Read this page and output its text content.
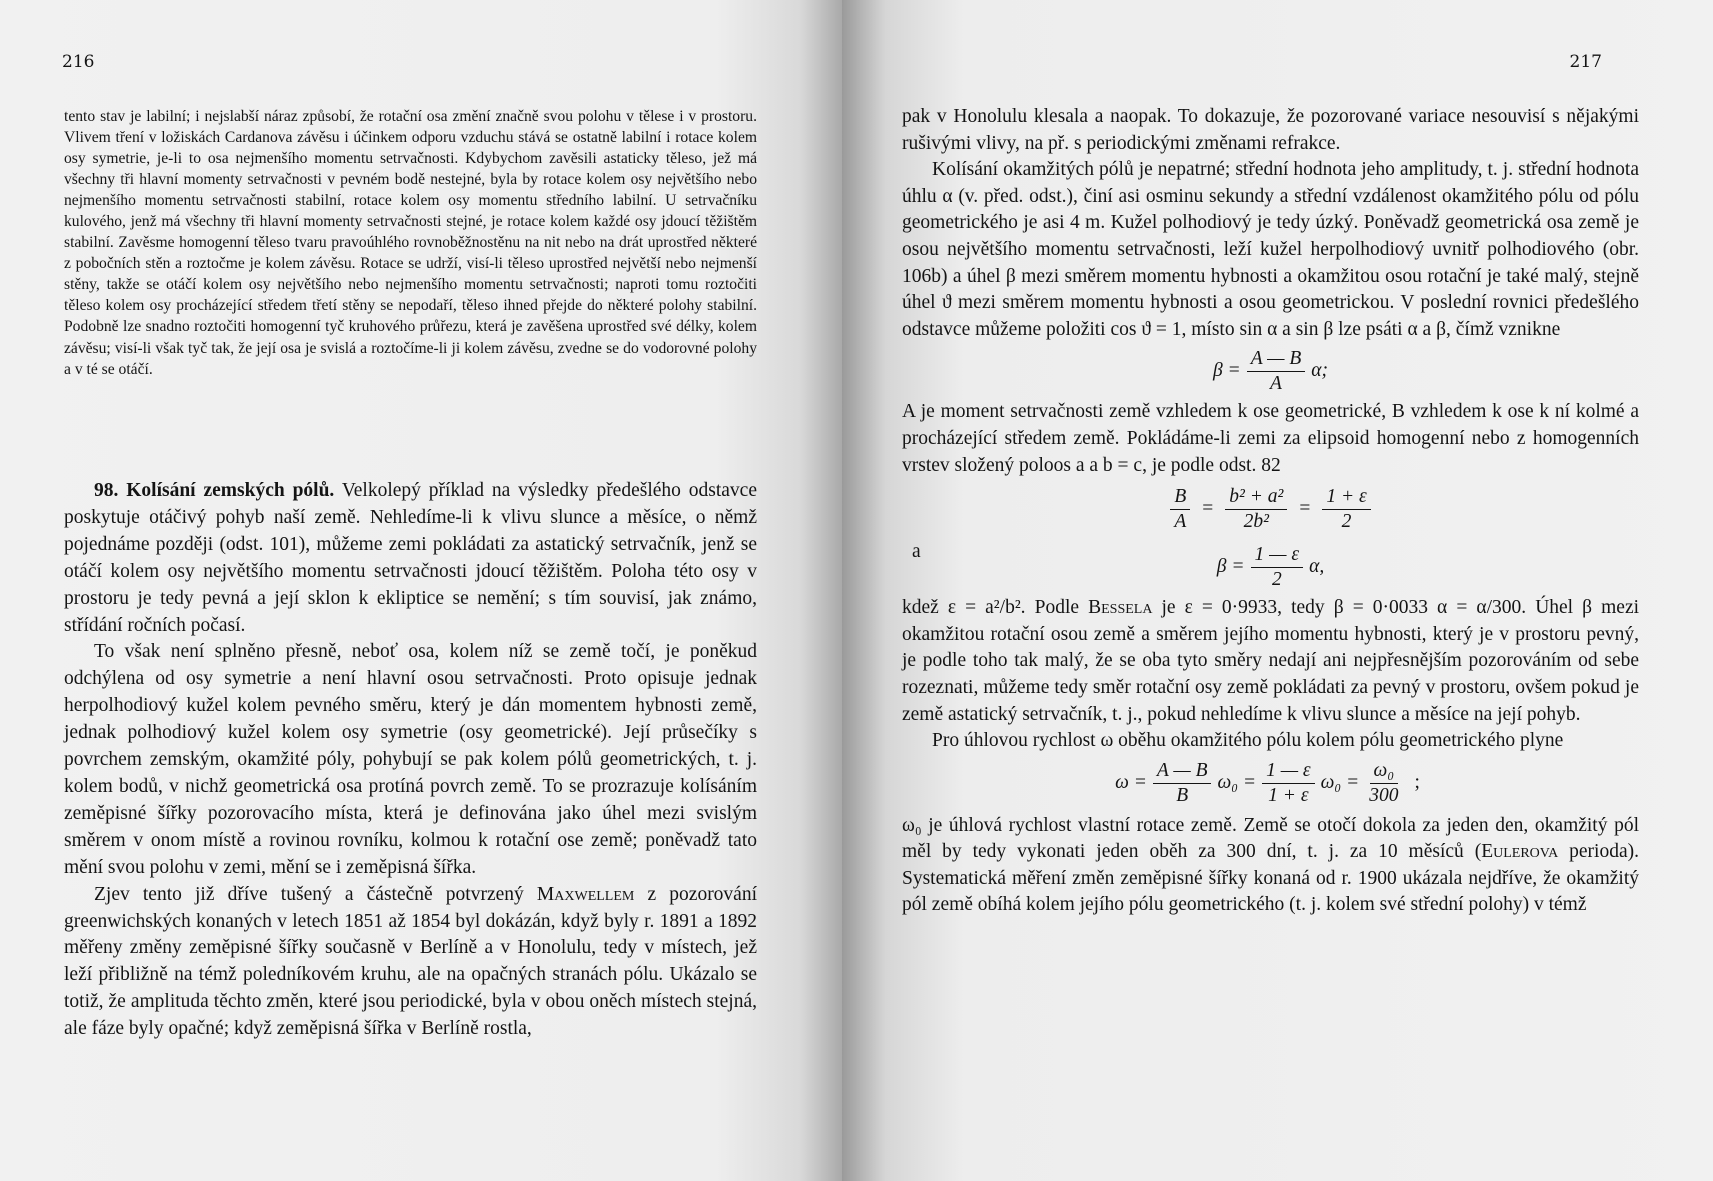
216

tento stav je labilní; i nejslabší náraz způsobí, že rotační osa změní značně svou polohu v tělese i v prostoru. Vlivem tření v ložiskách Cardanova závěsu i účinkem odporu vzduchu stává se ostatně labilní i rotace kolem osy symetrie, je-li to osa nejmenšího momentu setrvačnosti. Kdybychom zavěsili astaticky těleso, jež má všechny tři hlavní momenty setrvačnosti v pevném bodě nestejné, byla by rotace kolem osy největšího nebo nejmenšího momentu setrvačnosti stabilní, rotace kolem osy momentu středního labilní. U setrvačníku kulového, jenž má všechny tři hlavní momenty setrvačnosti stejné, je rotace kolem každé osy jdoucí těžištěm stabilní. Zavěsme homogenní těleso tvaru pravoúhlého rovnoběžnostěnu na nit nebo na drát uprostřed některé z pobočních stěn a roztočme je kolem závěsu. Rotace se udrží, visí-li těleso uprostřed největší nebo nejmenší stěny, takže se otáčí kolem osy největšího nebo nejmenšího momentu setrvačnosti; naproti tomu roztočiti těleso kolem osy procházející středem třetí stěny se nepodaří, těleso ihned přejde do některé polohy stabilní. Podobně lze snadno roztočiti homogenní tyč kruhového průřezu, která je zavěšena uprostřed své délky, kolem závěsu; visí-li však tyč tak, že její osa je svislá a roztočíme-li ji kolem závěsu, zvedne se do vodorovné polohy a v té se otáčí.

98. Kolísání zemských pólů. Velkolepý příklad na výsledky předešlého odstavce poskytuje otáčivý pohyb naší země. Nehledíme-li k vlivu slunce a měsíce, o němž pojednáme později (odst. 101), můžeme zemi pokládati za astatický setrvačník, jenž se otáčí kolem osy největšího momentu setrvačnosti jdoucí těžištěm. Poloha této osy v prostoru je tedy pevná a její sklon k ekliptice se nemění; s tím souvisí, jak známo, střídání ročních počasí.

To však není splněno přesně, neboť osa, kolem níž se země točí, je poněkud odchýlena od osy symetrie a není hlavní osou setrvačnosti. Proto opisuje jednak herpolhodiový kužel kolem pevného směru, který je dán momentem hybnosti země, jednak polhodiový kužel kolem osy symetrie (osy geometrické). Její průsečíky s povrchem zemským, okamžité póly, pohybují se pak kolem pólů geometrických, t. j. kolem bodů, v nichž geometrická osa protíná povrch země. To se prozrazuje kolísáním zeměpisné šířky pozorovacího místa, která je definována jako úhel mezi svislým směrem v onom místě a rovinou rovníku, kolmou k rotační ose země; poněvadž tato mění svou polohu v zemi, mění se i zeměpisná šířka.

Zjev tento již dříve tušený a částečně potvrzený Maxwellem z pozorování greenwichských konaných v letech 1851 až 1854 byl dokázán, když byly r. 1891 a 1892 měřeny změny zeměpisné šířky současně v Berlíně a v Honolulu, tedy v místech, jež leží přibližně na témž poledníkovém kruhu, ale na opačných stranách pólu. Ukázalo se totiž, že amplituda těchto změn, které jsou periodické, byla v obou oněch místech stejná, ale fáze byly opačné; když zeměpisná šířka v Berlíně rostla,

217

pak v Honolulu klesala a naopak. To dokazuje, že pozorované variace nesouvisí s nějakými rušivými vlivy, na př. s periodickými změnami refrakce.

Kolísání okamžitých pólů je nepatrné; střední hodnota jeho amplitudy, t. j. střední hodnota úhlu α (v. před. odst.), činí asi osminu sekundy a střední vzdálenost okamžitého pólu od pólu geometrického je asi 4 m. Kužel polhodiový je tedy úzký. Poněvadž geometrická osa země je osou největšího momentu setrvačnosti, leží kužel herpolhodiový uvnitř polhodiového (obr. 106b) a úhel β mezi směrem momentu hybnosti a okamžitou osou rotační je také malý, stejně úhel ϑ mezi směrem momentu hybnosti a osou geometrickou. V poslední rovnici předešlého odstavce můžeme položiti cos ϑ = 1, místo sin α a sin β lze psáti α a β, čímž vznikne

$\beta = \frac{A — B}{A} \alpha$;

A je moment setrvačnosti země vzhledem k ose geometrické, B vzhledem k ose k ní kolmé a procházející středem země. Pokládáme-li zemi za elipsoid homogenní nebo z homogenních vrstev složený poloos a a b = c, je podle odst. 82

$\frac{B}{A} = \frac{\text{b² + a²}}{\text{2b²}} = \frac{1 + \varepsilon}{2}$
a
$\beta = \frac{1 — \varepsilon}{2} \alpha$,

kdež ε = a²/b². Podle Bessela je ε = 0·9933, tedy β = 0·0033 α = α/300. Úhel β mezi okamžitou rotační osou země a směrem jejího momentu hybnosti, který je v prostoru pevný, je podle toho tak malý, že se oba tyto směry nedají ani nejpřesnějším pozorováním od sebe rozeznati, můžeme tedy směr rotační osy země pokládati za pevný v prostoru, ovšem pokud je země astatický setrvačník, t. j., pokud nehledíme k vlivu slunce a měsíce na její pohyb.

Pro úhlovou rychlost ω oběhu okamžitého pólu kolem pólu geometrického plyne

$\omega = \frac{A — B}{B} \omega_0 = \frac{1 — \varepsilon}{1 + \varepsilon} \omega_0 = \frac{\text{ω₀}}{300}$ ;

ω₀ je úhlová rychlost vlastní rotace země. Země se otočí dokola za jeden den, okamžitý pól měl by tedy vykonati jeden oběh za 300 dní, t. j. za 10 měsíců (Eulerova perioda). Systematická měření změn zeměpisné šířky konaná od r. 1900 ukázala nejdříve, že okamžitý pól země obíhá kolem jejího pólu geometrického (t. j. kolem své střední polohy) v témž
